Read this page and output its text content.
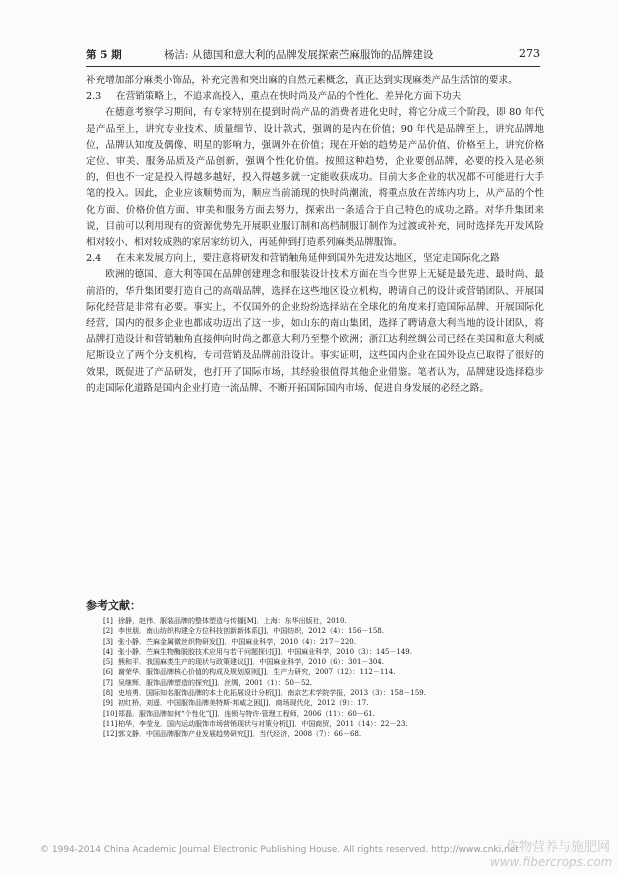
第 5 期	杨洁: 从德国和意大利的品牌发展探索苎麻服饰的品牌建设	273

补充增加部分麻类小饰品，补充完善和突出麻的自然元素概念，真正达到实现麻类产品生活馆的要求。

2.3	在营销策略上，不追求高投入，重点在快时尚及产品的个性化、差异化方面下功夫

在德意考察学习期间，有专家特别在提到时尚产品的消费者进化史时，将它分成三个阶段，即 80 年代是产品至上，讲究专业技术、质量细节、设计款式，强调的是内在价值；90 年代是品牌至上，讲究品牌地位，品牌认知度及偶像、明星的影响力，强调外在价值；现在开始的趋势是产品价值、价格至上，讲究价格定位、审美、服务品质及产品创新，强调个性化价值。按照这种趋势，企业要创品牌，必要的投入是必须的，但也不一定是投入得越多越好，投入得越多就一定能收获成功。目前大多企业的状况都不可能进行大手笔的投入。因此，企业应该顺势而为，顺应当前涌现的快时尚潮流，将重点放在苦练内功上，从产品的个性化方面、价格价值方面、审美和服务方面去努力，探索出一条适合于自己特色的成功之路。对华升集团来说，目前可以利用现有的资源优势先开展职业服订制和高档制服订制作为过渡或补充，同时选择先开发风险相对较小、相对较成熟的家居家纺切入，再延伸到打造系列麻类品牌服饰。

2.4	在未来发展方向上，要注意将研发和营销触角延伸到国外先进发达地区，坚定走国际化之路

欧洲的德国、意大利等国在品牌创建理念和服装设计技术方面在当今世界上无疑是最先进、最时尚、最前沿的，华升集团要打造自己的高端品牌，选择在这些地区设立机构，聘请自己的设计或营销团队、开展国际化经营是非常有必要。事实上，不仅国外的企业纷纷选择站在全球化的角度来打造国际品牌、开展国际化经营，国内的很多企业也都成功迈出了这一步，如山东的南山集团，选择了聘请意大利当地的设计团队，将品牌打造设计和营销触角直接伸向时尚之都意大利乃至整个欧洲；浙江达利丝绸公司已经在美国和意大利威尼斯设立了两个分支机构，专司营销及品牌前沿设计。事实证明，这些国内企业在国外设点已取得了很好的效果，既促进了产品研发，也打开了国际市场，其经验很值得其他企业借鉴。笔者认为，品牌建设选择稳步的走国际化道路是国内企业打造一流品牌、不断开拓国际国内市场、促进自身发展的必经之路。

参考文献：
[1] 徐静，赵伟．服装品牌的整体塑造与传播[M]．上海：东华出版社，2010.
[2] 李世朋．南山纺织构建全方位科技创新新体系[J]．中国纺织，2012（4）：156－158.
[3] 张小静．苎麻金属微丝织物研发[J]．中国麻业科学，2010（4）：217－220.
[4] 张小静．苎麻生物酶脱胶技术应用与若干问题探讨[J]．中国麻业科学，2010（3）：145－149.
[5] 熊和平．我国麻类生产的现状与政策建议[J]．中国麻业科学，2010（6）：301－304.
[6] 谢荣华．服饰品牌核心价值的构成及规划原则[J]．生产力研究，2007（12）：112－114.
[7] 吴继辉．服饰品牌塑造的探究[J]．丝绸，2001（1）：50－52.
[8] 史培勇．国际知名服饰品牌的本土化拓展设计分析[J]．南京艺术学院学报，2013（3）：158－159.
[9] 初红桥，刘遥．中国服饰品牌美特斯·邦威之困[J]．商场现代化，2012（9）：17.
[10] 郑磊．服饰品牌如何“个性化”[J]．连锁与特许·管理工程师，2006（11）：60－61.
[11] 柏华，李莹龙．国内运动服饰市场营销现状与对策分析[J]．中国商贸，2011（14）：22－23.
[12] 郭文静．中国品牌服饰产业发展趋势研究[J]．当代经济，2008（7）：66－68.
© 1994-2014 China Academic Journal Electronic Publishing House. All rights reserved. http://www.cnki.net
作物营养与施肥网
www.fibercrops.com
